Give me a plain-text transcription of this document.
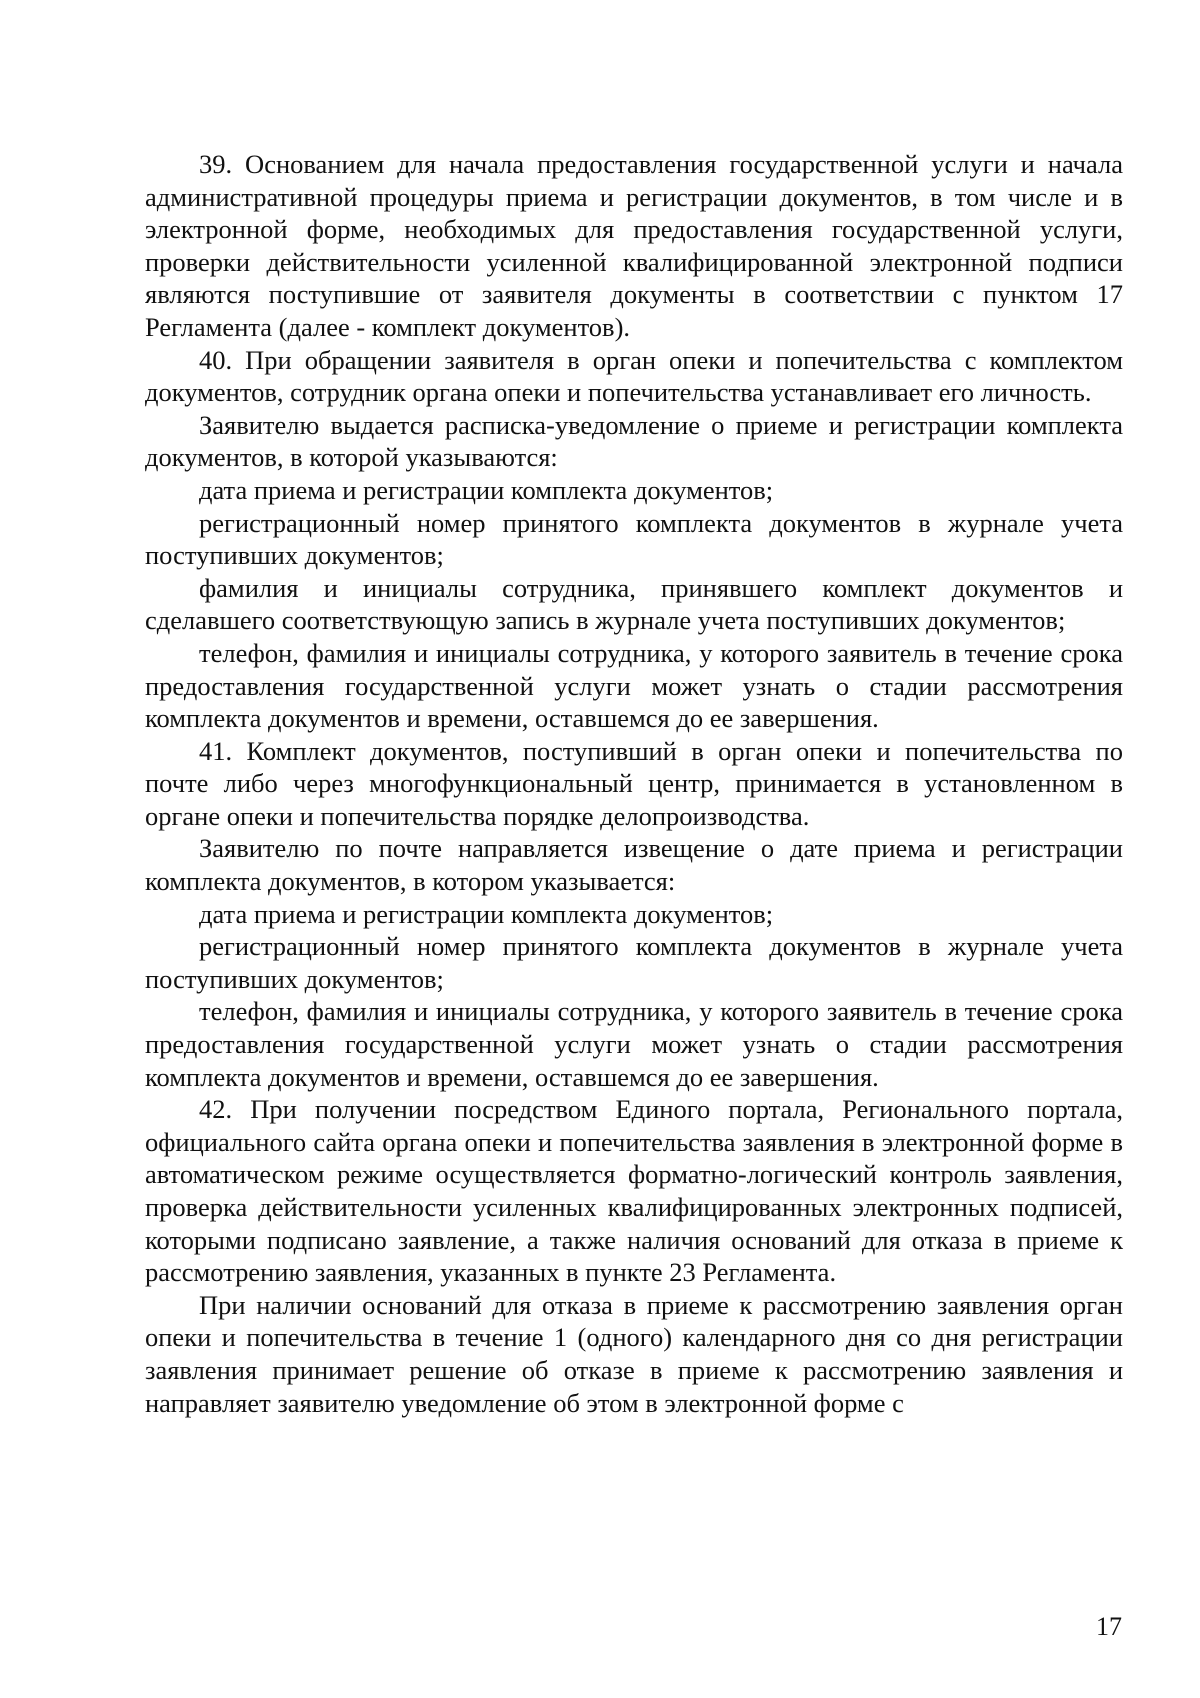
39. Основанием для начала предоставления государственной услуги и начала административной процедуры приема и регистрации документов, в том числе и в электронной форме, необходимых для предоставления государственной услуги, проверки действительности усиленной квалифицированной электронной подписи являются поступившие от заявителя документы в соответствии с пунктом 17 Регламента (далее - комплект документов).

40. При обращении заявителя в орган опеки и попечительства с комплектом документов, сотрудник органа опеки и попечительства устанавливает его личность.

Заявителю выдается расписка-уведомление о приеме и регистрации комплекта документов, в которой указываются:

дата приема и регистрации комплекта документов;

регистрационный номер принятого комплекта документов в журнале учета поступивших документов;

фамилия и инициалы сотрудника, принявшего комплект документов и сделавшего соответствующую запись в журнале учета поступивших документов;

телефон, фамилия и инициалы сотрудника, у которого заявитель в течение срока предоставления государственной услуги может узнать о стадии рассмотрения комплекта документов и времени, оставшемся до ее завершения.

41. Комплект документов, поступивший в орган опеки и попечительства по почте либо через многофункциональный центр, принимается в установленном в органе опеки и попечительства порядке делопроизводства.

Заявителю по почте направляется извещение о дате приема и регистрации комплекта документов, в котором указывается:

дата приема и регистрации комплекта документов;

регистрационный номер принятого комплекта документов в журнале учета поступивших документов;

телефон, фамилия и инициалы сотрудника, у которого заявитель в течение срока предоставления государственной услуги может узнать о стадии рассмотрения комплекта документов и времени, оставшемся до ее завершения.

42. При получении посредством Единого портала, Регионального портала, официального сайта органа опеки и попечительства заявления в электронной форме в автоматическом режиме осуществляется форматно-логический контроль заявления, проверка действительности усиленных квалифицированных электронных подписей, которыми подписано заявление, а также наличия оснований для отказа в приеме к рассмотрению заявления, указанных в пункте 23 Регламента.

При наличии оснований для отказа в приеме к рассмотрению заявления орган опеки и попечительства в течение 1 (одного) календарного дня со дня регистрации заявления принимает решение об отказе в приеме к рассмотрению заявления и направляет заявителю уведомление об этом в электронной форме с

17
